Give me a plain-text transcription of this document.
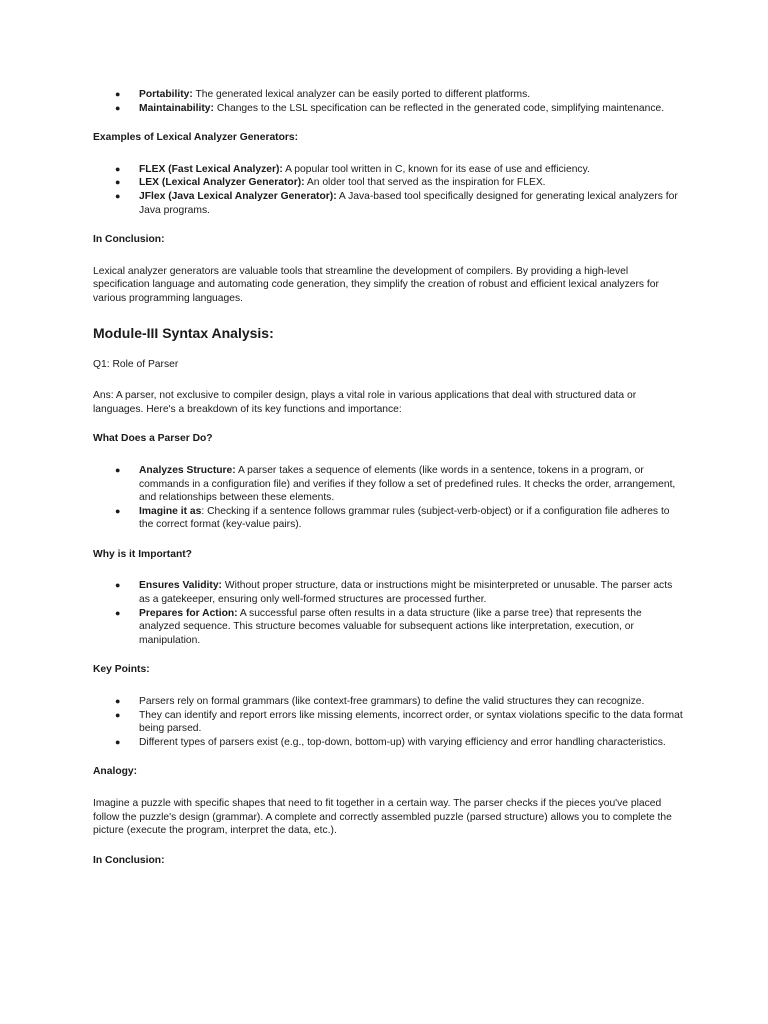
● Portability: The generated lexical analyzer can be easily ported to different platforms.
● Maintainability: Changes to the LSL specification can be reflected in the generated code, simplifying maintenance.

Examples of Lexical Analyzer Generators:

● FLEX (Fast Lexical Analyzer): A popular tool written in C, known for its ease of use and efficiency.
● LEX (Lexical Analyzer Generator): An older tool that served as the inspiration for FLEX.
● JFlex (Java Lexical Analyzer Generator): A Java-based tool specifically designed for generating lexical analyzers for Java programs.

In Conclusion:

Lexical analyzer generators are valuable tools that streamline the development of compilers. By providing a high-level specification language and automating code generation, they simplify the creation of robust and efficient lexical analyzers for various programming languages.

Module-III Syntax Analysis:

Q1: Role of Parser

Ans: A parser, not exclusive to compiler design, plays a vital role in various applications that deal with structured data or languages. Here's a breakdown of its key functions and importance:

What Does a Parser Do?

● Analyzes Structure: A parser takes a sequence of elements (like words in a sentence, tokens in a program, or commands in a configuration file) and verifies if they follow a set of predefined rules. It checks the order, arrangement, and relationships between these elements.
● Imagine it as: Checking if a sentence follows grammar rules (subject-verb-object) or if a configuration file adheres to the correct format (key-value pairs).

Why is it Important?

● Ensures Validity: Without proper structure, data or instructions might be misinterpreted or unusable. The parser acts as a gatekeeper, ensuring only well-formed structures are processed further.
● Prepares for Action: A successful parse often results in a data structure (like a parse tree) that represents the analyzed sequence. This structure becomes valuable for subsequent actions like interpretation, execution, or manipulation.

Key Points:

● Parsers rely on formal grammars (like context-free grammars) to define the valid structures they can recognize.
● They can identify and report errors like missing elements, incorrect order, or syntax violations specific to the data format being parsed.
● Different types of parsers exist (e.g., top-down, bottom-up) with varying efficiency and error handling characteristics.

Analogy:

Imagine a puzzle with specific shapes that need to fit together in a certain way. The parser checks if the pieces you've placed follow the puzzle's design (grammar). A complete and correctly assembled puzzle (parsed structure) allows you to complete the picture (execute the program, interpret the data, etc.).

In Conclusion:
